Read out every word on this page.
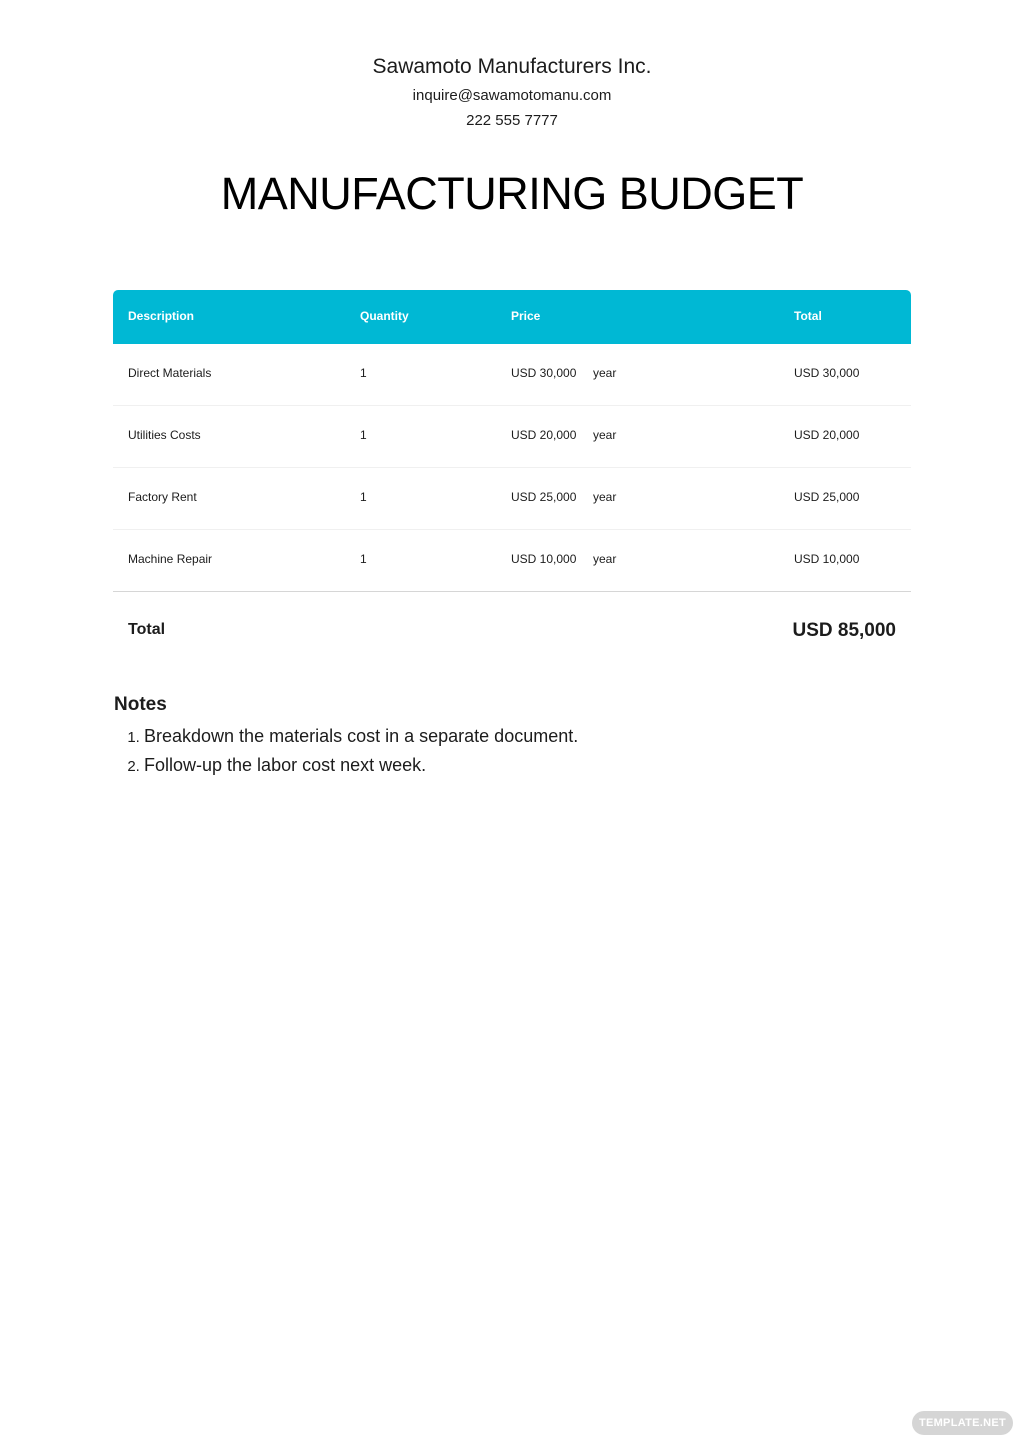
Sawamoto Manufacturers Inc.
inquire@sawamotomanu.com
222 555 7777
MANUFACTURING BUDGET
Description	Quantity	Price	Total
Direct Materials	1	USD 30,000 year	USD 30,000
Utilities Costs	1	USD 20,000 year	USD 20,000
Factory Rent	1	USD 25,000 year	USD 25,000
Machine Repair	1	USD 10,000 year	USD 10,000
Total	USD 85,000
Notes
1. Breakdown the materials cost in a separate document.
2. Follow-up the labor cost next week.
TEMPLATE.NET
